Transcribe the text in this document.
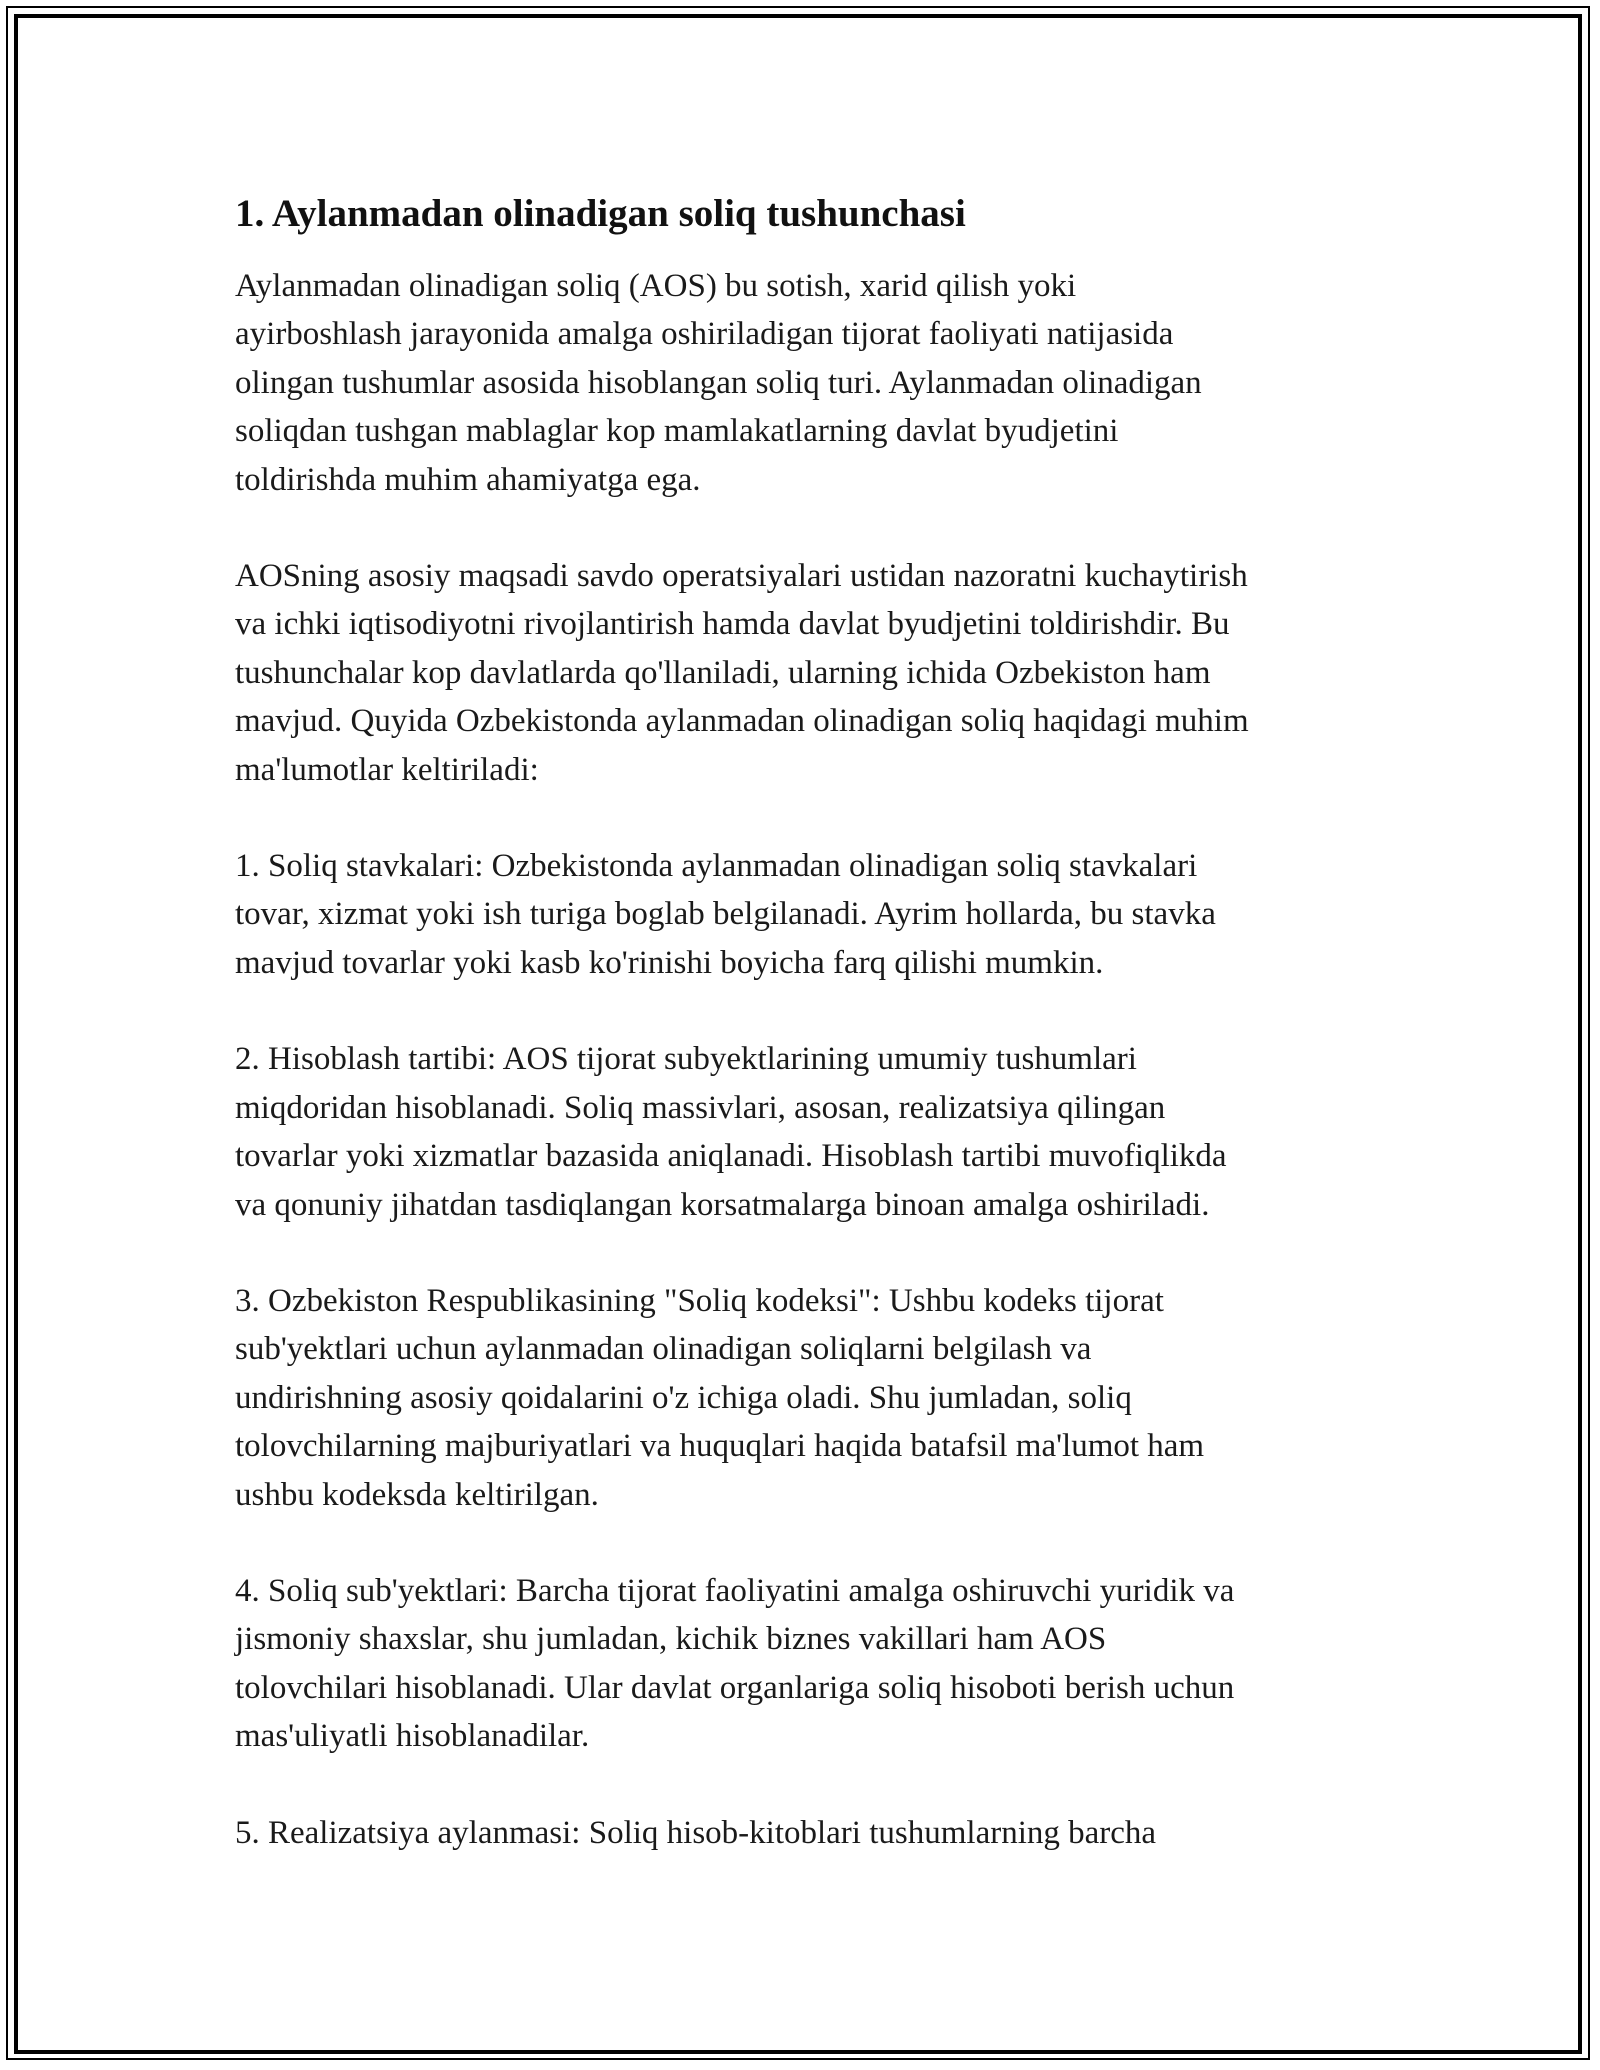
1. Aylanmadan olinadigan soliq tushunchasi

Aylanmadan olinadigan soliq (AOS) bu sotish, xarid qilish yoki
ayirboshlash jarayonida amalga oshiriladigan tijorat faoliyati natijasida
olingan tushumlar asosida hisoblangan soliq turi. Aylanmadan olinadigan
soliqdan tushgan mablaglar kop mamlakatlarning davlat byudjetini
toldirishda muhim ahamiyatga ega.

AOSning asosiy maqsadi savdo operatsiyalari ustidan nazoratni kuchaytirish
va ichki iqtisodiyotni rivojlantirish hamda davlat byudjetini toldirishdir. Bu
tushunchalar kop davlatlarda qo'llaniladi, ularning ichida Ozbekiston ham
mavjud. Quyida Ozbekistonda aylanmadan olinadigan soliq haqidagi muhim
ma'lumotlar keltiriladi:

1. Soliq stavkalari: Ozbekistonda aylanmadan olinadigan soliq stavkalari
tovar, xizmat yoki ish turiga boglab belgilanadi. Ayrim hollarda, bu stavka
mavjud tovarlar yoki kasb ko'rinishi boyicha farq qilishi mumkin.

2. Hisoblash tartibi: AOS tijorat subyektlarining umumiy tushumlari
miqdoridan hisoblanadi. Soliq massivlari, asosan, realizatsiya qilingan
tovarlar yoki xizmatlar bazasida aniqlanadi. Hisoblash tartibi muvofiqlikda
va qonuniy jihatdan tasdiqlangan korsatmalarga binoan amalga oshiriladi.

3. Ozbekiston Respublikasining "Soliq kodeksi": Ushbu kodeks tijorat
sub'yektlari uchun aylanmadan olinadigan soliqlarni belgilash va
undirishning asosiy qoidalarini o'z ichiga oladi. Shu jumladan, soliq
tolovchilarning majburiyatlari va huquqlari haqida batafsil ma'lumot ham
ushbu kodeksda keltirilgan.

4. Soliq sub'yektlari: Barcha tijorat faoliyatini amalga oshiruvchi yuridik va
jismoniy shaxslar, shu jumladan, kichik biznes vakillari ham AOS
tolovchilari hisoblanadi. Ular davlat organlariga soliq hisoboti berish uchun
mas'uliyatli hisoblanadilar.

5. Realizatsiya aylanmasi: Soliq hisob-kitoblari tushumlarning barcha
